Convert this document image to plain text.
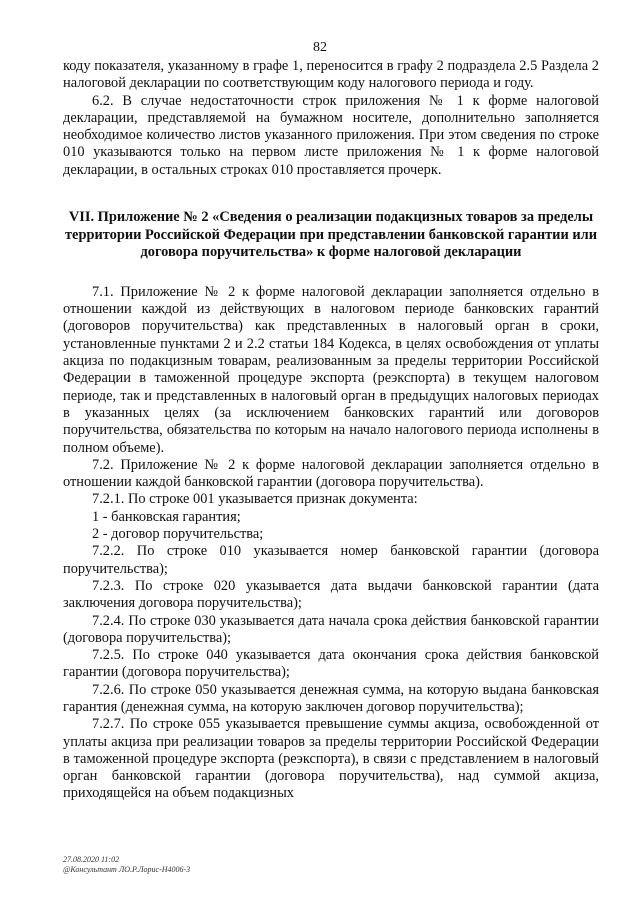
82

коду показателя, указанному в графе 1, переносится в графу 2 подраздела 2.5 Раздела 2 налоговой декларации по соответствующим коду налогового периода и году.

6.2. В случае недостаточности строк приложения № 1 к форме налоговой декларации, представляемой на бумажном носителе, дополнительно заполняется необходимое количество листов указанного приложения. При этом сведения по строке 010 указываются только на первом листе приложения № 1 к форме налоговой декларации, в остальных строках 010 проставляется прочерк.

VII. Приложение № 2 «Сведения о реализации подакцизных товаров за пределы территории Российской Федерации при представлении банковской гарантии или договора поручительства» к форме налоговой декларации

7.1. Приложение № 2 к форме налоговой декларации заполняется отдельно в отношении каждой из действующих в налоговом периоде банковских гарантий (договоров поручительства) как представленных в налоговый орган в сроки, установленные пунктами 2 и 2.2 статьи 184 Кодекса, в целях освобождения от уплаты акциза по подакцизным товарам, реализованным за пределы территории Российской Федерации в таможенной процедуре экспорта (реэкспорта) в текущем налоговом периоде, так и представленных в налоговый орган в предыдущих налоговых периодах в указанных целях (за исключением банковских гарантий или договоров поручительства, обязательства по которым на начало налогового периода исполнены в полном объеме).

7.2. Приложение № 2 к форме налоговой декларации заполняется отдельно в отношении каждой банковской гарантии (договора поручительства).

7.2.1. По строке 001 указывается признак документа:

1 - банковская гарантия;

2 - договор поручительства;

7.2.2. По строке 010 указывается номер банковской гарантии (договора поручительства);

7.2.3. По строке 020 указывается дата выдачи банковской гарантии (дата заключения договора поручительства);

7.2.4. По строке 030 указывается дата начала срока действия банковской гарантии (договора поручительства);

7.2.5. По строке 040 указывается дата окончания срока действия банковской гарантии (договора поручительства);

7.2.6. По строке 050 указывается денежная сумма, на которую выдана банковская гарантия (денежная сумма, на которую заключен договор поручительства);

7.2.7. По строке 055 указывается превышение суммы акциза, освобожденной от уплаты акциза при реализации товаров за пределы территории Российской Федерации в таможенной процедуре экспорта (реэкспорта), в связи с представлением в налоговый орган банковской гарантии (договора поручительства), над суммой акциза, приходящейся на объем подакцизных

27.08.2020 11:02
@Консультант ЛО.Р.Лорис-H4006-3
